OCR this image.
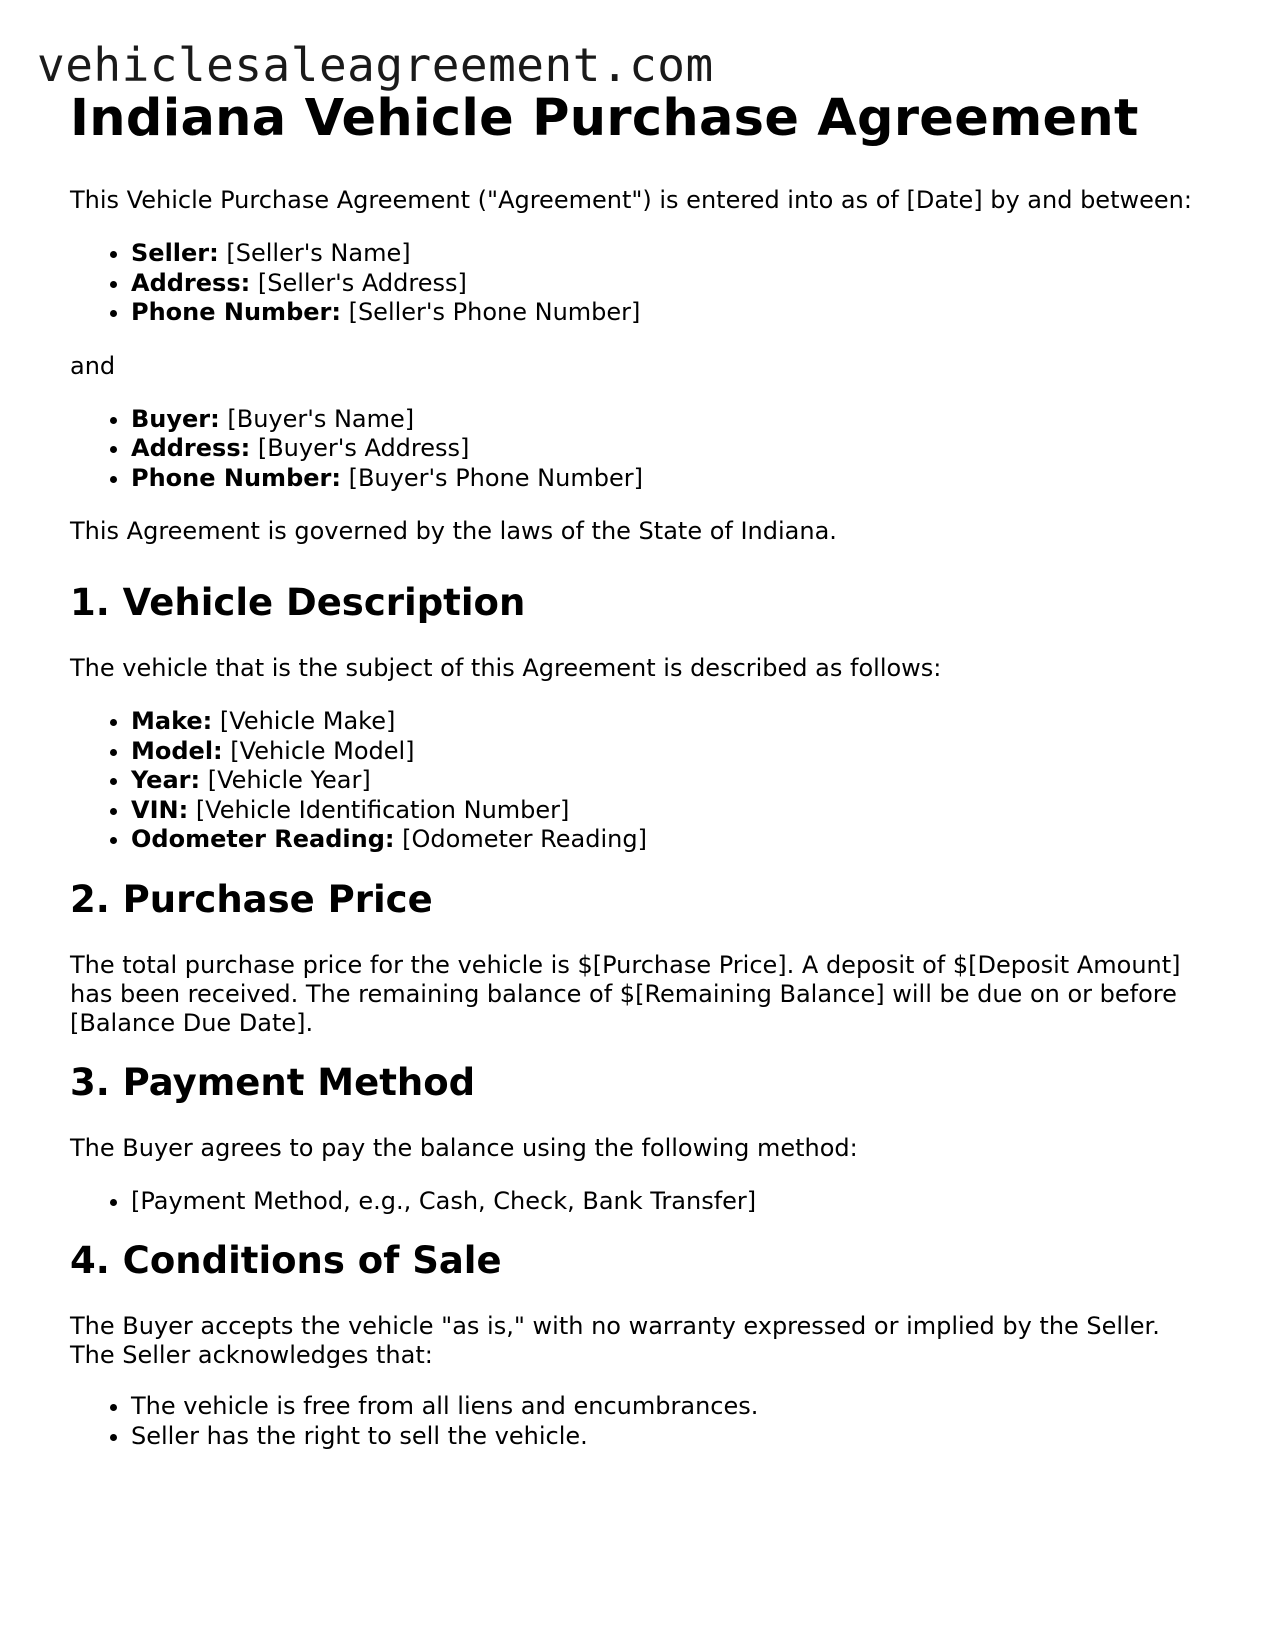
vehiclesaleagreement.com
Indiana Vehicle Purchase Agreement

This Vehicle Purchase Agreement ("Agreement") is entered into as of [Date] by and between:

• Seller: [Seller's Name]
• Address: [Seller's Address]
• Phone Number: [Seller's Phone Number]

and

• Buyer: [Buyer's Name]
• Address: [Buyer's Address]
• Phone Number: [Buyer's Phone Number]

This Agreement is governed by the laws of the State of Indiana.

1. Vehicle Description

The vehicle that is the subject of this Agreement is described as follows:

• Make: [Vehicle Make]
• Model: [Vehicle Model]
• Year: [Vehicle Year]
• VIN: [Vehicle Identification Number]
• Odometer Reading: [Odometer Reading]
2. Purchase Price

The total purchase price for the vehicle is $[Purchase Price]. A deposit of $[Deposit Amount] has been received. The remaining balance of $[Remaining Balance] will be due on or before [Balance Due Date].

3. Payment Method

The Buyer agrees to pay the balance using the following method:

• [Payment Method, e.g., Cash, Check, Bank Transfer]
4. Conditions of Sale

The Buyer accepts the vehicle "as is," with no warranty expressed or implied by the Seller. The Seller acknowledges that:

• The vehicle is free from all liens and encumbrances.
• Seller has the right to sell the vehicle.
